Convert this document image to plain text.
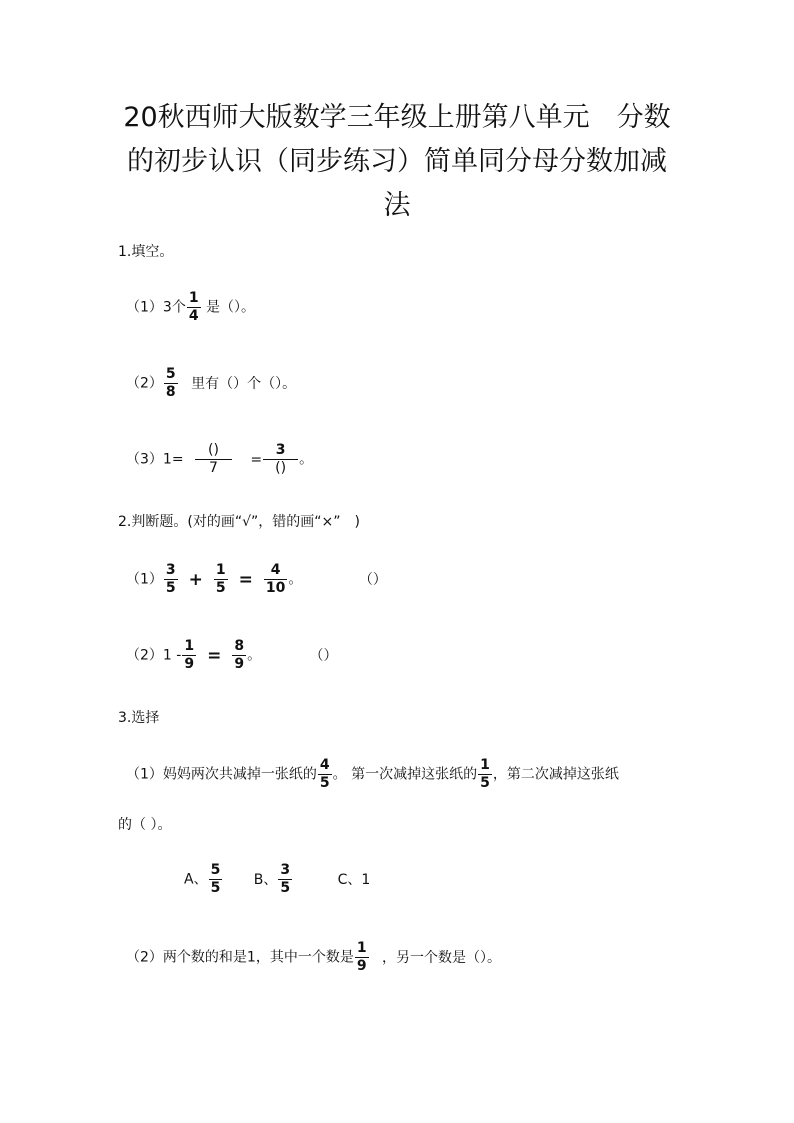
20秋西师大版数学三年级上册第八单元　分数
的初步认识（同步练习）简单同分母分数加减
法
1.填空。
（1）3个 $\frac{1}{4}$ 是（）。
$(2) \frac{5}{8}$ 里有（）个（）。
$(3)1= \frac{()}{7} = \frac{3}{()}$ 。
2.判断题。(对的画“√”，错的画“×”　)
$(1) \frac{3}{5} + \frac{1}{5} = \frac{4}{10}$ 。	（）
$(2)1 - \frac{1}{9} = \frac{8}{9}$ 。	（）
3.选择
（1）妈妈两次共减掉一张纸的 $\frac{4}{5}$ 。 第一次减掉这张纸的 $\frac{1}{5}$ ，第二次减掉这张纸
的（ ）。
A、 $\frac{5}{5}$ B、 $\frac{3}{5}$	C、1
（2）两个数的和是1，其中一个数是 $\frac{1}{9}$ ，另一个数是（）。
